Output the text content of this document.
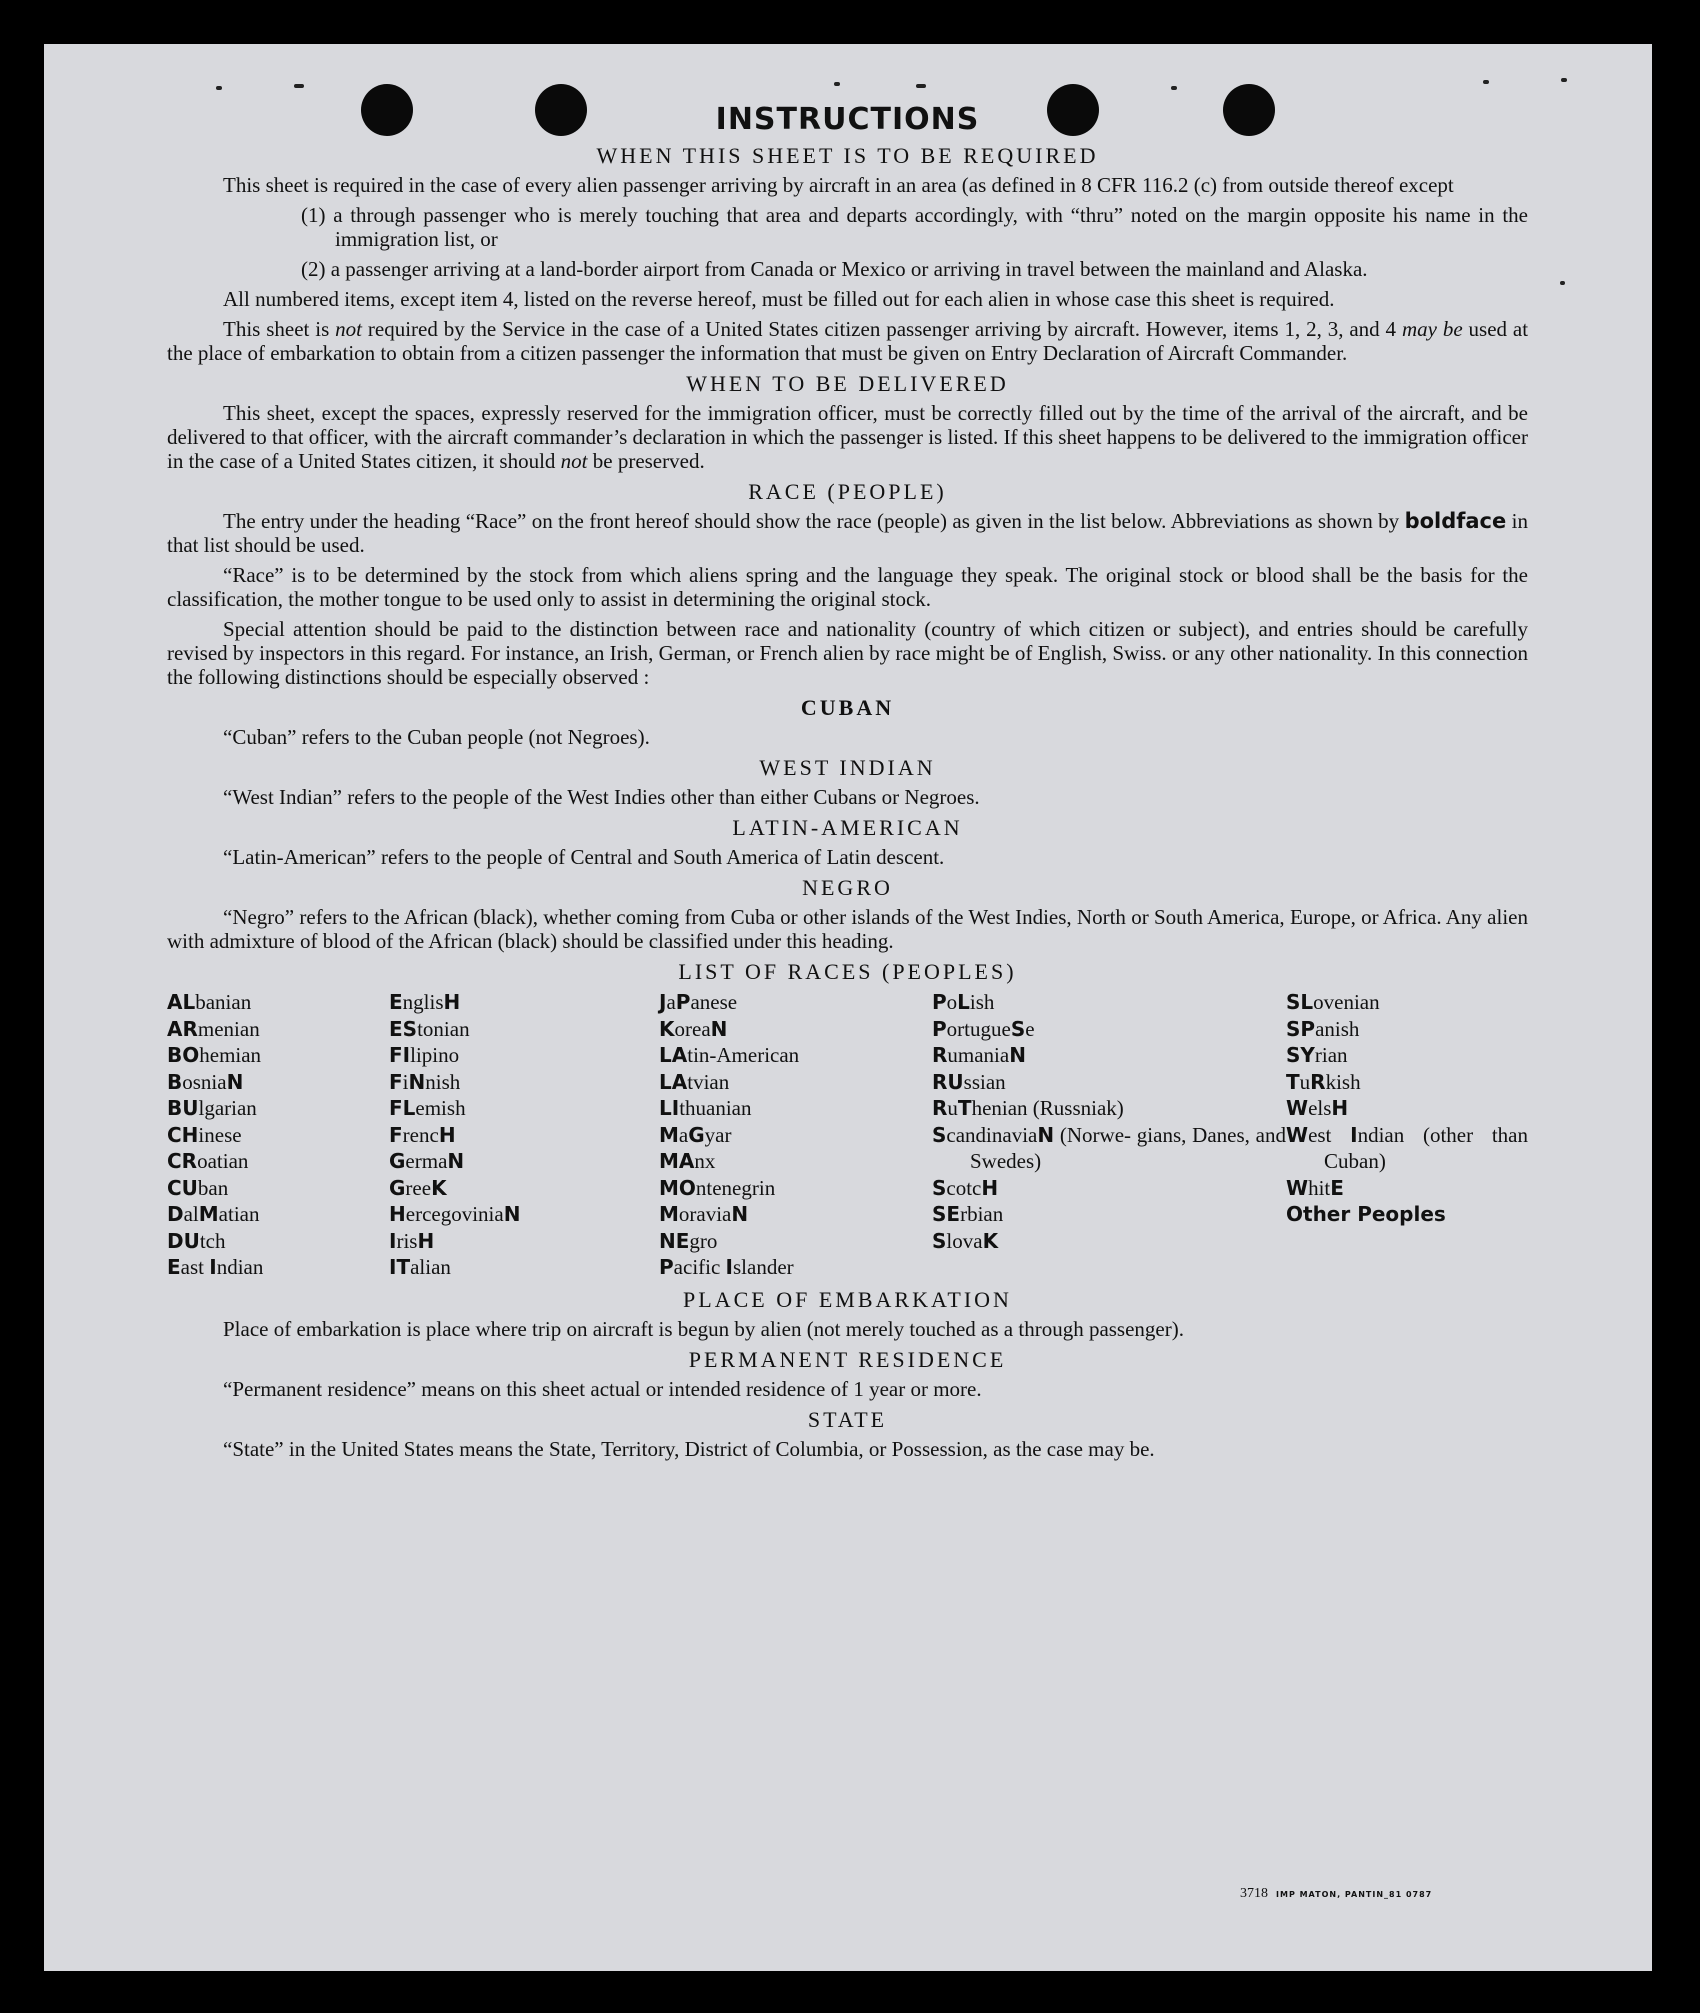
INSTRUCTIONS
WHEN THIS SHEET IS TO BE REQUIRED

This sheet is required in the case of every alien passenger arriving by aircraft in an area (as defined in 8 CFR 116.2 (c) from outside thereof except

(1) a through passenger who is merely touching that area and departs accordingly, with “thru” noted on the margin opposite his name in the immigration list, or

(2) a passenger arriving at a land-border airport from Canada or Mexico or arriving in travel between the mainland and Alaska.

All numbered items, except item 4, listed on the reverse hereof, must be filled out for each alien in whose case this sheet is required.

This sheet is not required by the Service in the case of a United States citizen passenger arriving by aircraft. However, items 1, 2, 3, and 4 may be used at the place of embarkation to obtain from a citizen passenger the information that must be given on Entry Declaration of Aircraft Commander.

WHEN TO BE DELIVERED

This sheet, except the spaces, expressly reserved for the immigration officer, must be correctly filled out by the time of the arrival of the aircraft, and be delivered to that officer, with the aircraft commander’s declaration in which the passenger is listed. If this sheet happens to be delivered to the immigration officer in the case of a United States citizen, it should not be preserved.

RACE (PEOPLE)

The entry under the heading “Race” on the front hereof should show the race (people) as given in the list below. Abbreviations as shown by boldface in that list should be used.

“Race” is to be determined by the stock from which aliens spring and the language they speak. The original stock or blood shall be the basis for the classification, the mother tongue to be used only to assist in determining the original stock.

Special attention should be paid to the distinction between race and nationality (country of which citizen or subject), and entries should be carefully revised by inspectors in this regard. For instance, an Irish, German, or French alien by race might be of English, Swiss. or any other nationality. In this connection the following distinctions should be especially observed :

CUBAN

“Cuban” refers to the Cuban people (not Negroes).

WEST INDIAN

“West Indian” refers to the people of the West Indies other than either Cubans or Negroes.

LATIN-AMERICAN

“Latin-American” refers to the people of Central and South America of Latin descent.

NEGRO

“Negro” refers to the African (black), whether coming from Cuba or other islands of the West Indies, North or South America, Europe, or Africa. Any alien with admixture of blood of the African (black) should be classified under this heading.

LIST OF RACES (PEOPLES)
ALbanian
ARmenian
BOhemian
BosniaN
BUlgarian
CHinese
CRoatian
CUban
DalMatian
DUtch
East Indian
EnglisH
EStonian
FIlipino
FiNnish
FLemish
FrencH
GermaN
GreeK
HercegoviniaN
IrisH
ITalian
JaPanese
KoreaN
LAtin-American
LAtvian
LIthuanian
MaGyar
MAnx
MOntenegrin
MoraviaN
NEgro
Pacific Islander
PoLish
PortugueSe
RumaniaN
RUssian
RuThenian (Russniak)
ScandinaviaN (Norwe- gians, Danes, and Swedes)
ScotcH
SErbian
SlovaK
SLovenian
SPanish
SYrian
TuRkish
WelsH
West Indian (other than Cuban)
WhitE
Other Peoples
PLACE OF EMBARKATION

Place of embarkation is place where trip on aircraft is begun by alien (not merely touched as a through passenger).

PERMANENT RESIDENCE

“Permanent residence” means on this sheet actual or intended residence of 1 year or more.

STATE

“State” in the United States means the State, Territory, District of Columbia, or Possession, as the case may be.

3718 IMP MATON, PANTIN_81 0787
